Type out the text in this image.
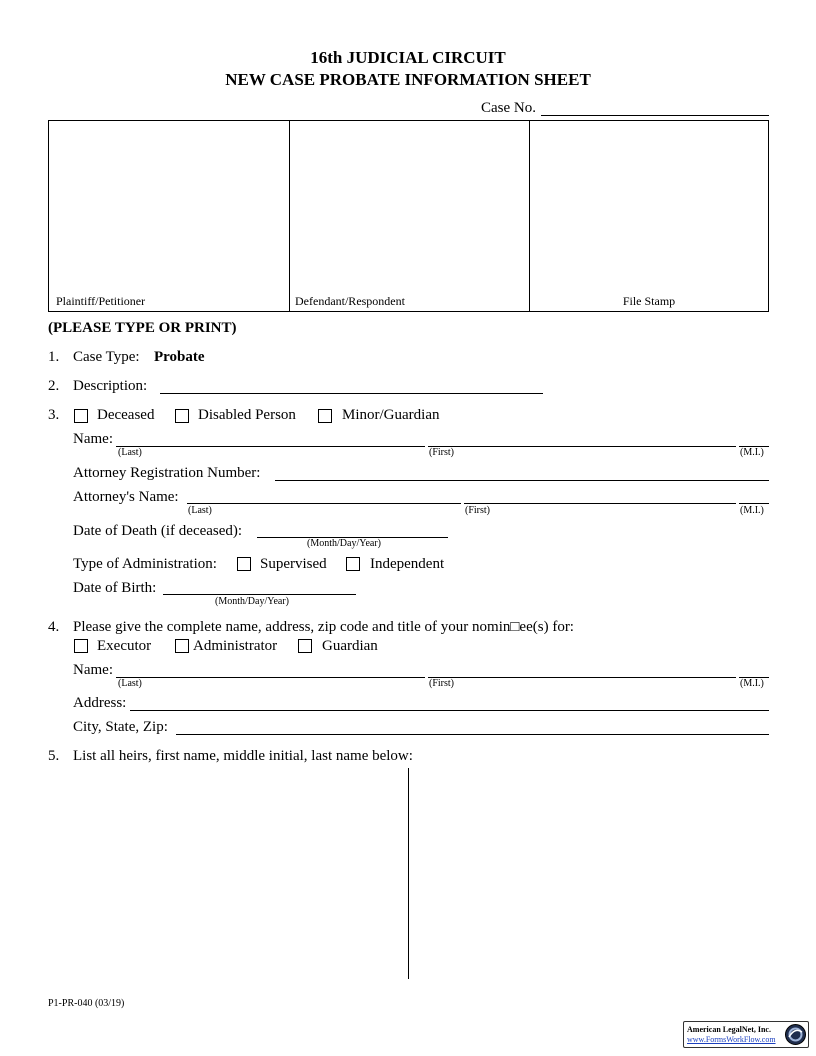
16th JUDICIAL CIRCUIT
NEW CASE PROBATE INFORMATION SHEET
Case No.
Plaintiff/Petitioner	Defendant/Respondent	File Stamp
(PLEASE TYPE OR PRINT)
1. Case Type: Probate
2. Description:
3.	Deceased	Disabled Person	Minor/Guardian
Name:
(Last)	(First)	(M.I.)
Attorney Registration Number:
Attorney's Name:
(Last)	(First)	(M.I.)
Date of Death (if deceased):
(Month/Day/Year)
Type of Administration:	Supervised	Independent
Date of Birth:
(Month/Day/Year)
4. Please give the complete name, address, zip code and title of your nomin□ee(s) for:
Executor	Administrator	Guardian
Name:
(Last)	(First)	(M.I.)
Address:
City, State, Zip:
5. List all heirs, first name, middle initial, last name below:
P1-PR-040 (03/19)
American LegalNet, Inc.
www.FormsWorkFlow.com
